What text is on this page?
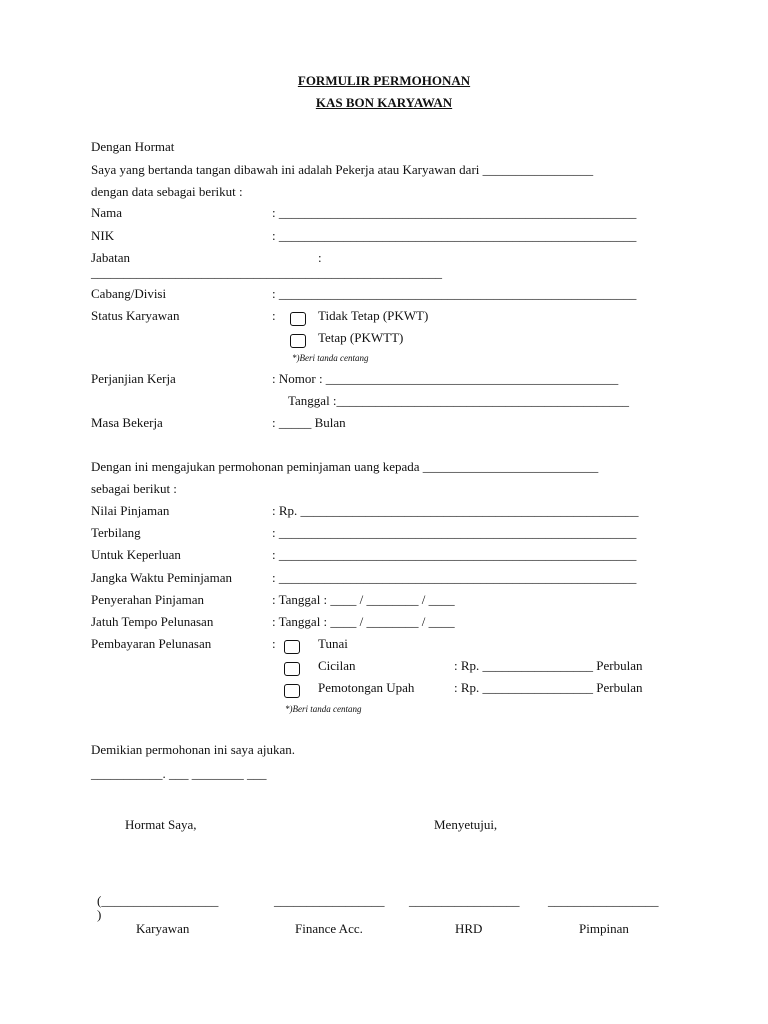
FORMULIR PERMOHONAN
KAS BON KARYAWAN
Dengan Hormat
Saya yang bertanda tangan dibawah ini adalah Pekerja atau Karyawan dari _________________
dengan data sebagai berikut :
Nama	: _______________________________________________________
NIK	: _______________________________________________________
Jabatan	:
______________________________________________________
Cabang/Divisi	: _______________________________________________________
Status Karyawan	:	Tidak Tetap (PKWT)
Tetap (PKWTT)
*)Beri tanda centang
Perjanjian Kerja	: Nomor : _____________________________________________
Tanggal :_____________________________________________
Masa Bekerja	: _____ Bulan
Dengan ini mengajukan permohonan peminjaman uang kepada ___________________________
sebagai berikut :
Nilai Pinjaman	: Rp. ____________________________________________________
Terbilang	: _______________________________________________________
Untuk Keperluan	: _______________________________________________________
Jangka Waktu Peminjaman	: _______________________________________________________
Penyerahan Pinjaman	: Tanggal : ____ / ________ / ____
Jatuh Tempo Pelunasan	: Tanggal : ____ / ________ / ____
Pembayaran Pelunasan	:	Tunai
Cicilan	: Rp. _________________ Perbulan
Pemotongan Upah	: Rp. _________________ Perbulan
*)Beri tanda centang
Demikian permohonan ini saya ajukan.
___________. ___ ________ ___
Hormat Saya,	Menyetujui,
(__________________
)
_________________ _________________ _________________
Karyawan	Finance Acc.	HRD	Pimpinan
